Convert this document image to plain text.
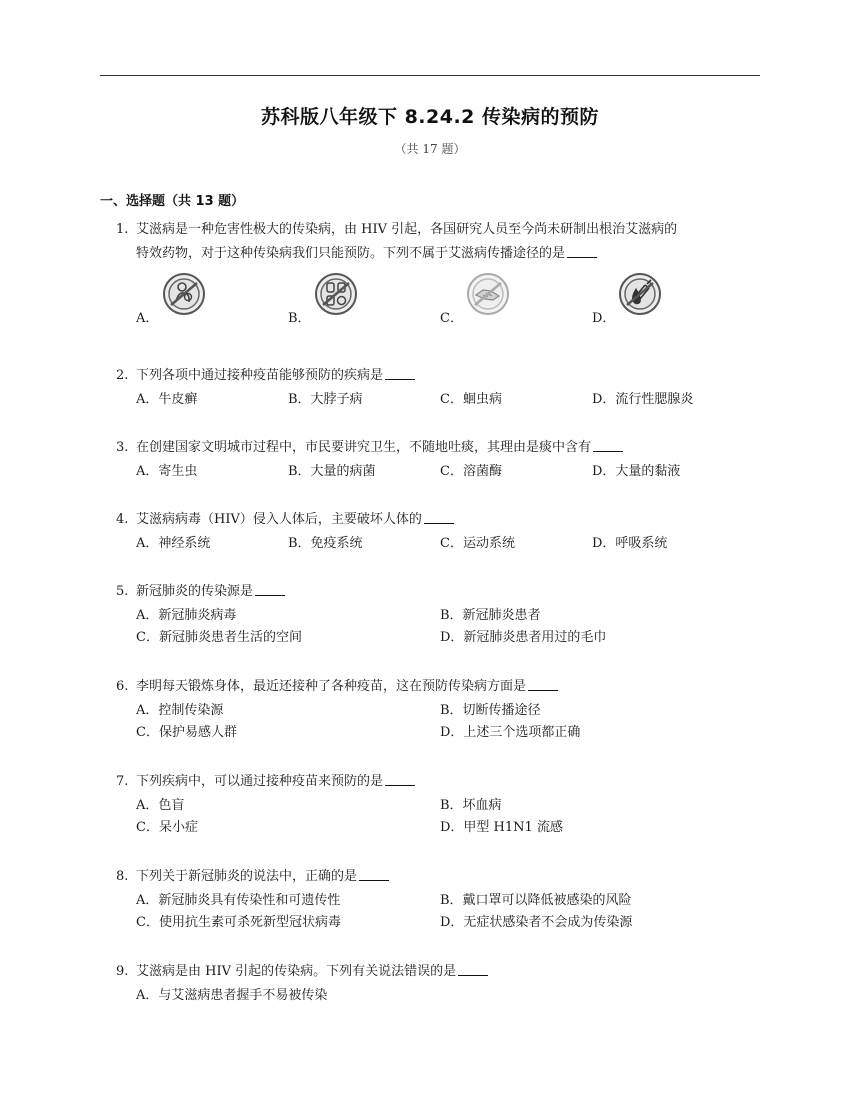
苏科版八年级下 8.24.2 传染病的预防
（共 17 题）
一、选择题（共 13 题）
1. 艾滋病是一种危害性极大的传染病，由 HIV 引起，各国研究人员至今尚未研制出根治艾滋病的
特效药物，对于这种传染病我们只能预防。下列不属于艾滋病传播途径的是
A．	B．	C．	D．
2. 下列各项中通过接种疫苗能够预防的疾病是
A．牛皮癣	B．大脖子病	C．蛔虫病	D．流行性腮腺炎
3. 在创建国家文明城市过程中，市民要讲究卫生，不随地吐痰，其理由是痰中含有
A．寄生虫	B．大量的病菌	C．溶菌酶	D．大量的黏液
4. 艾滋病病毒（HIV）侵入人体后，主要破坏人体的
A．神经系统	B．免疫系统	C．运动系统	D．呼吸系统
5. 新冠肺炎的传染源是
A．新冠肺炎病毒	B．新冠肺炎患者
C．新冠肺炎患者生活的空间	D．新冠肺炎患者用过的毛巾
6. 李明每天锻炼身体，最近还接种了各种疫苗，这在预防传染病方面是
A．控制传染源	B．切断传播途径
C．保护易感人群	D．上述三个选项都正确
7. 下列疾病中，可以通过接种疫苗来预防的是
A．色盲	B．坏血病
C．呆小症	D．甲型 H1N1 流感
8. 下列关于新冠肺炎的说法中，正确的是
A．新冠肺炎具有传染性和可遗传性	B．戴口罩可以降低被感染的风险
C．使用抗生素可杀死新型冠状病毒	D．无症状感染者不会成为传染源
9. 艾滋病是由 HIV 引起的传染病。下列有关说法错误的是
A．与艾滋病患者握手不易被传染
